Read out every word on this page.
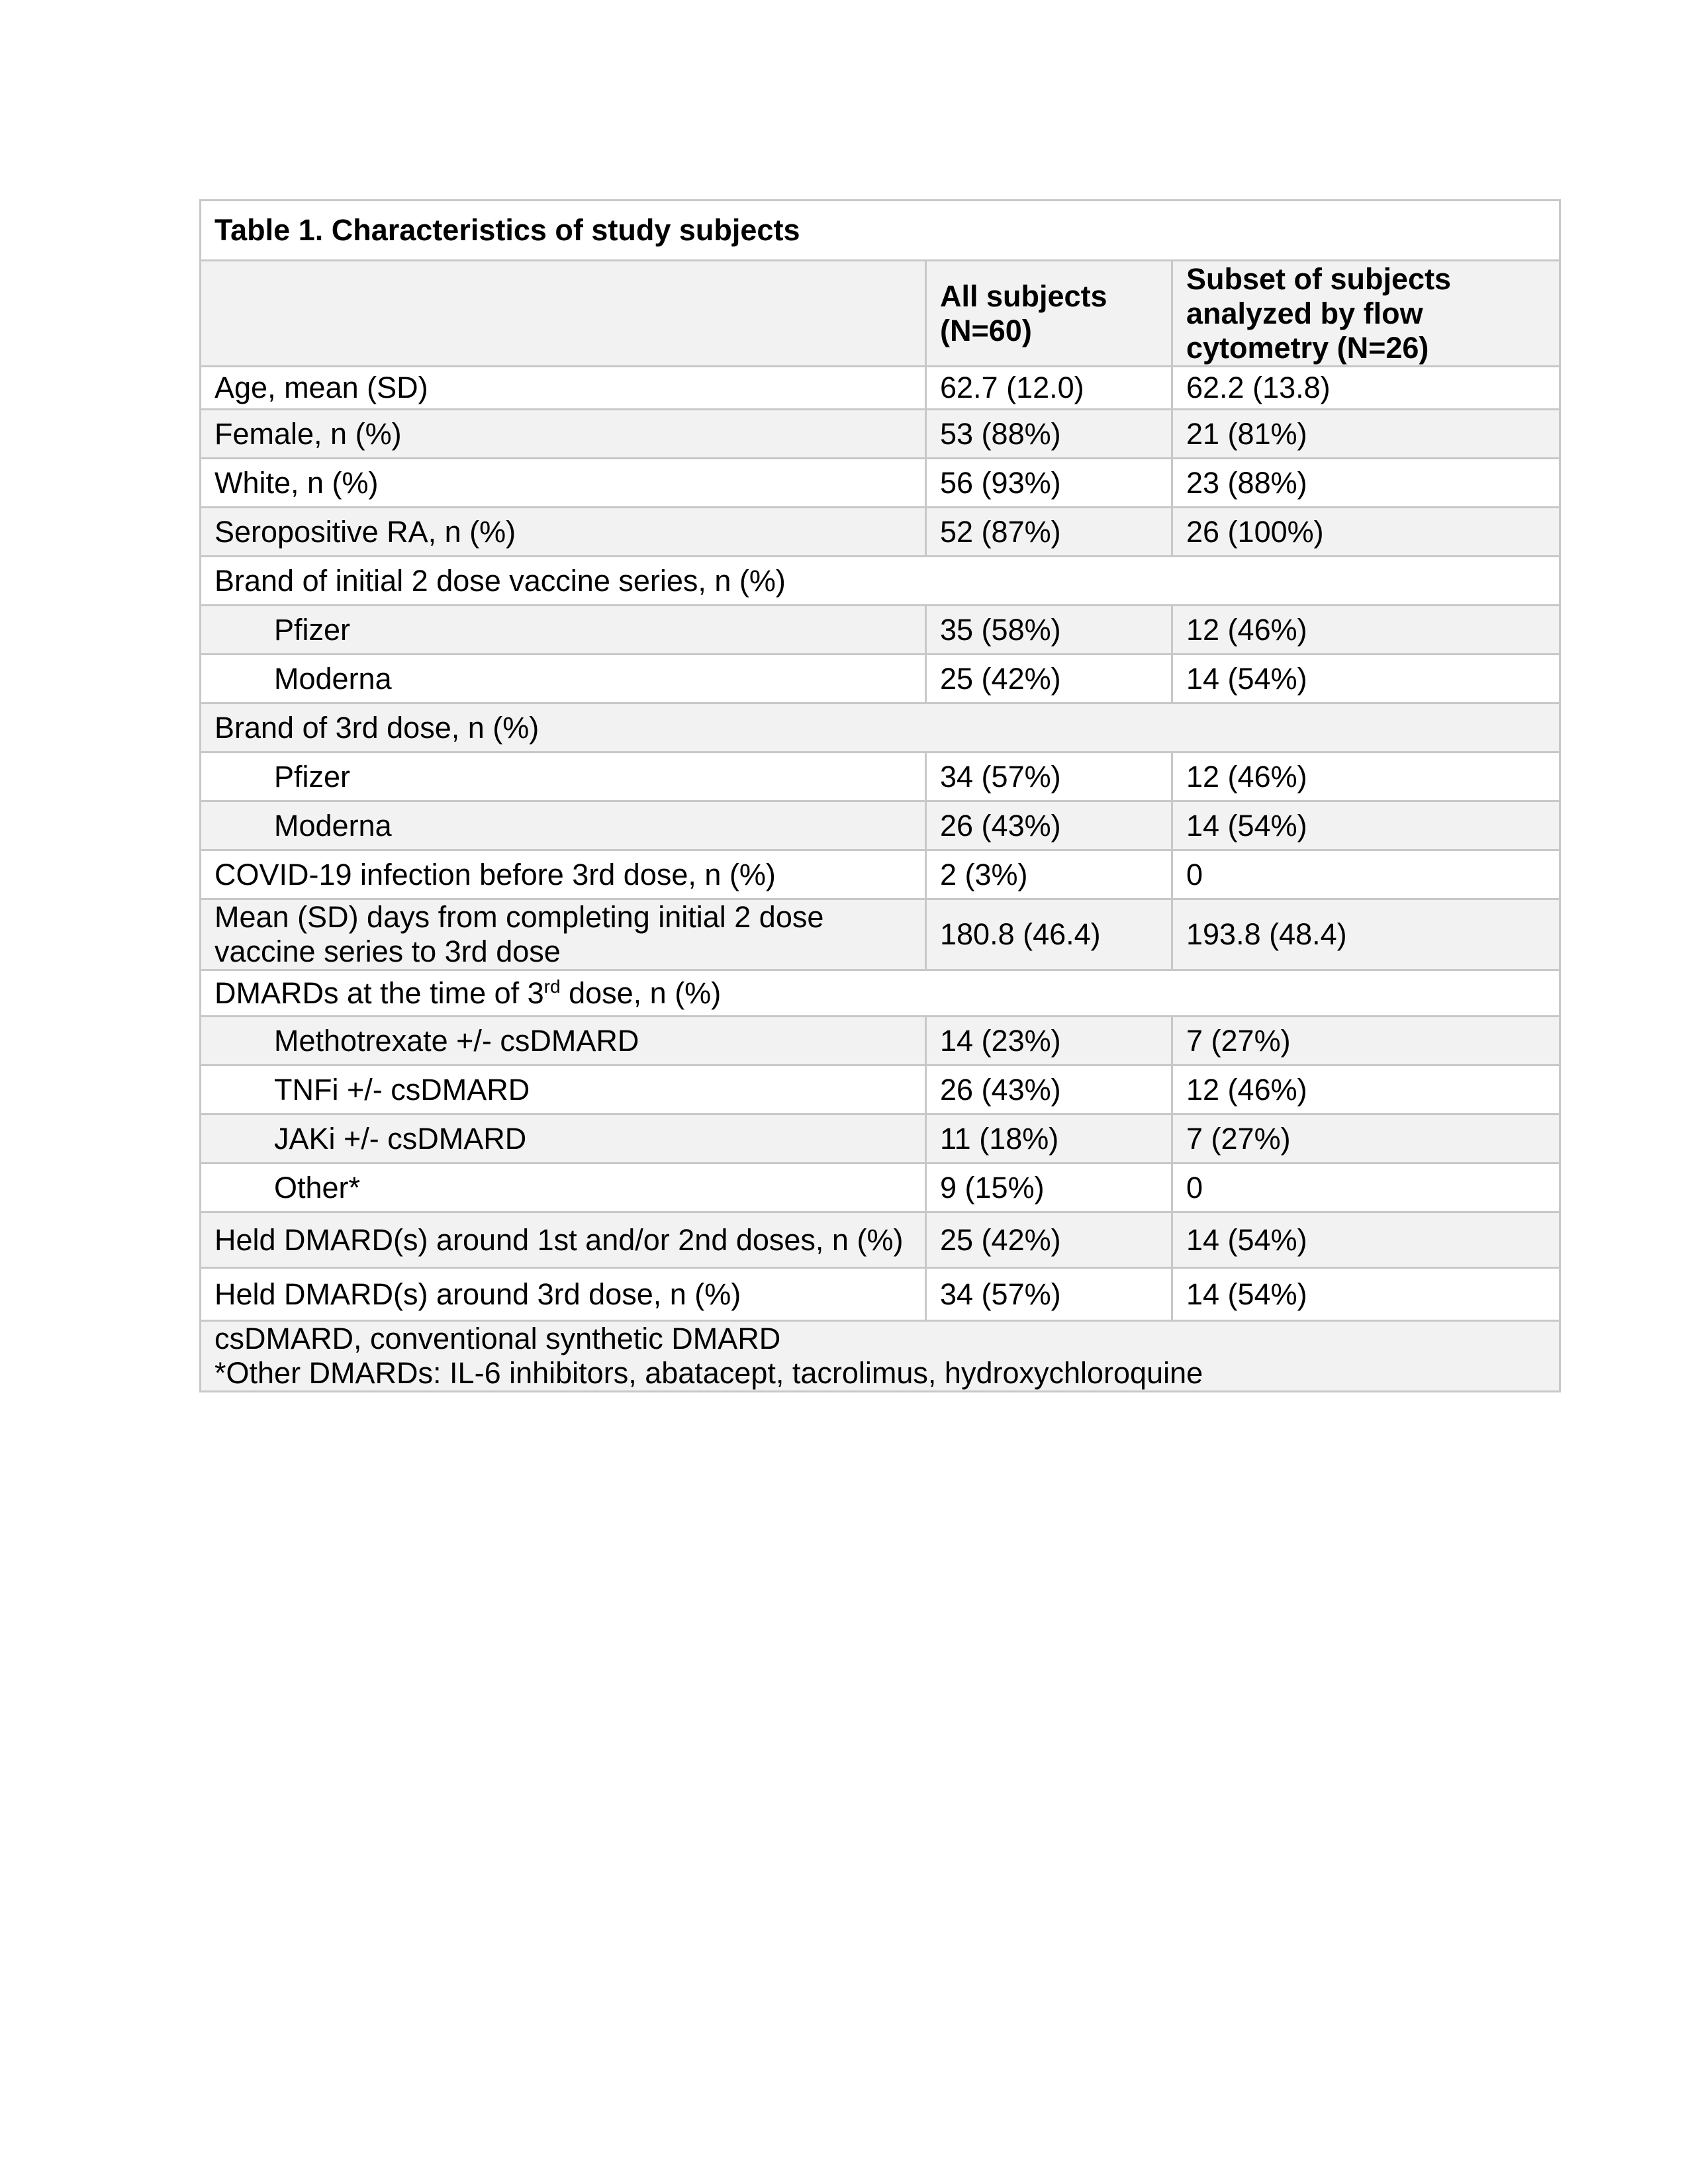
Table 1. Characteristics of study subjects		
	All subjects (N=60)	Subset of subjects analyzed by flow cytometry (N=26)
Age, mean (SD)	62.7 (12.0)	62.2 (13.8)
Female, n (%)	53 (88%)	21 (81%)
White, n (%)	56 (93%)	23 (88%)
Seropositive RA, n (%)	52 (87%)	26 (100%)
Brand of initial 2 dose vaccine series, n (%)		
Pfizer	35 (58%)	12 (46%)
Moderna	25 (42%)	14 (54%)
Brand of 3rd dose, n (%)		
Pfizer	34 (57%)	12 (46%)
Moderna	26 (43%)	14 (54%)
COVID-19 infection before 3rd dose, n (%)	2 (3%)	0
Mean (SD) days from completing initial 2 dose vaccine series to 3rd dose	180.8 (46.4)	193.8 (48.4)
DMARDs at the time of 3rd dose, n (%)		
Methotrexate +/- csDMARD	14 (23%)	7 (27%)
TNFi +/- csDMARD	26 (43%)	12 (46%)
JAKi +/- csDMARD	11 (18%)	7 (27%)
Other*	9 (15%)	0
Held DMARD(s) around 1st and/or 2nd doses, n (%)	25 (42%)	14 (54%)
Held DMARD(s) around 3rd dose, n (%)	34 (57%)	14 (54%)

csDMARD, conventional synthetic DMARD
*Other DMARDs: IL-6 inhibitors, abatacept, tacrolimus, hydroxychloroquine		
